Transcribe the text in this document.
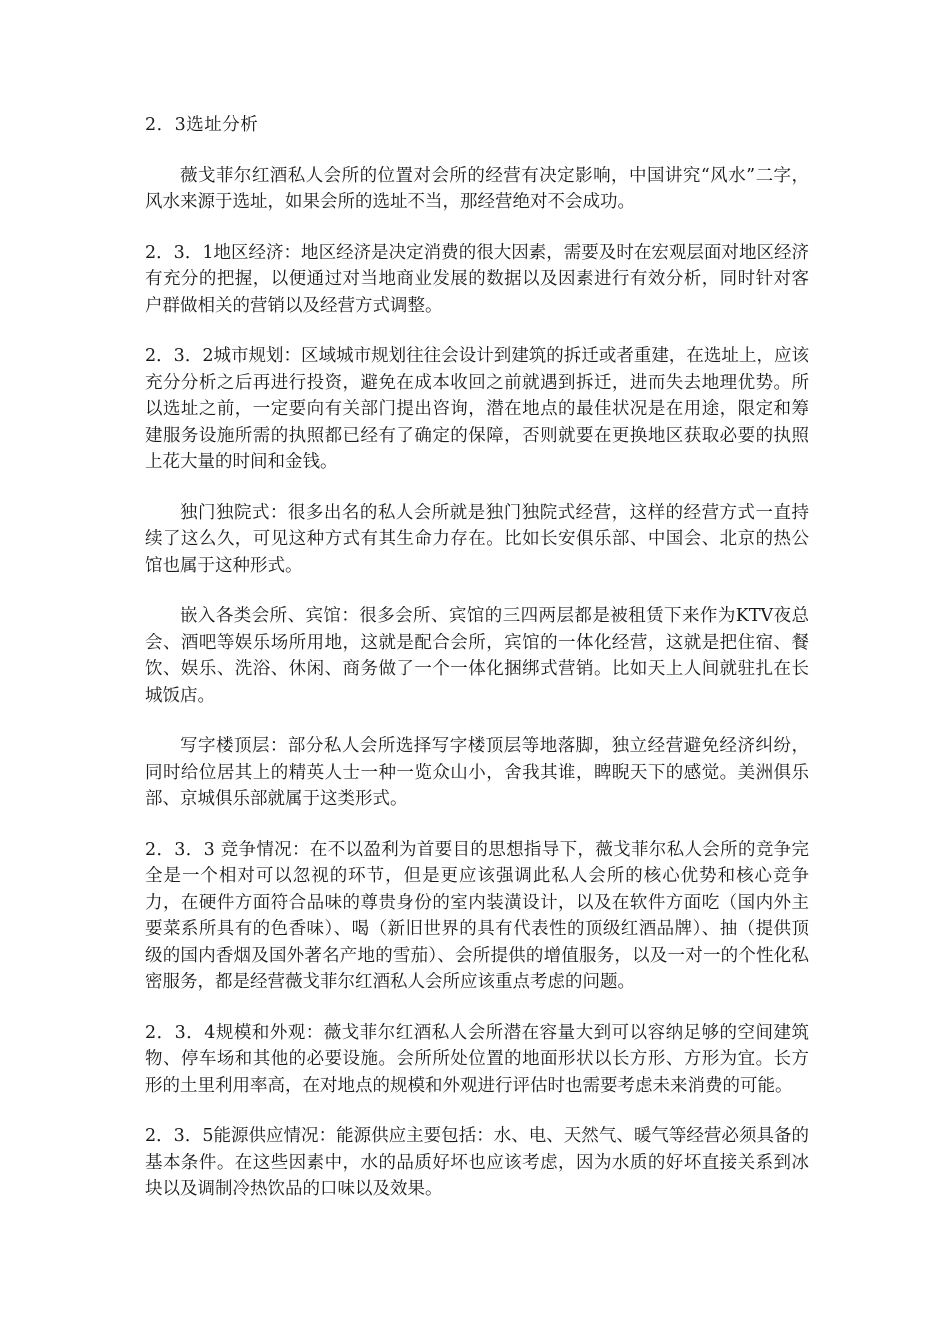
2．3选址分析

薇戈菲尔红酒私人会所的位置对会所的经营有决定影响，中国讲究“风水”二字，风水来源于选址，如果会所的选址不当，那经营绝对不会成功。

2．3．1地区经济：地区经济是决定消费的很大因素，需要及时在宏观层面对地区经济有充分的把握，以便通过对当地商业发展的数据以及因素进行有效分析，同时针对客户群做相关的营销以及经营方式调整。

2．3．2城市规划：区域城市规划往往会设计到建筑的拆迁或者重建，在选址上，应该充分分析之后再进行投资，避免在成本收回之前就遇到拆迁，进而失去地理优势。所以选址之前，一定要向有关部门提出咨询，潜在地点的最佳状况是在用途，限定和筹建服务设施所需的执照都已经有了确定的保障，否则就要在更换地区获取必要的执照上花大量的时间和金钱。

独门独院式：很多出名的私人会所就是独门独院式经营，这样的经营方式一直持续了这么久，可见这种方式有其生命力存在。比如长安俱乐部、中国会、北京的热公馆也属于这种形式。

嵌入各类会所、宾馆：很多会所、宾馆的三四两层都是被租赁下来作为KTV夜总会、酒吧等娱乐场所用地，这就是配合会所，宾馆的一体化经营，这就是把住宿、餐饮、娱乐、洗浴、休闲、商务做了一个一体化捆绑式营销。比如天上人间就驻扎在长城饭店。

写字楼顶层：部分私人会所选择写字楼顶层等地落脚，独立经营避免经济纠纷，同时给位居其上的精英人士一种一览众山小，舍我其谁，睥睨天下的感觉。美洲俱乐部、京城俱乐部就属于这类形式。

2．3．3 竞争情况：在不以盈利为首要目的思想指导下，薇戈菲尔私人会所的竞争完全是一个相对可以忽视的环节，但是更应该强调此私人会所的核心优势和核心竞争力，在硬件方面符合品味的尊贵身份的室内装潢设计，以及在软件方面吃（国内外主要菜系所具有的色香味）、喝（新旧世界的具有代表性的顶级红酒品牌）、抽（提供顶级的国内香烟及国外著名产地的雪茄）、会所提供的增值服务，以及一对一的个性化私密服务，都是经营薇戈菲尔红酒私人会所应该重点考虑的问题。

2．3．4规模和外观：薇戈菲尔红酒私人会所潜在容量大到可以容纳足够的空间建筑物、停车场和其他的必要设施。会所所处位置的地面形状以长方形、方形为宜。长方形的土里利用率高，在对地点的规模和外观进行评估时也需要考虑未来消费的可能。

2．3．5能源供应情况：能源供应主要包括：水、电、天然气、暖气等经营必须具备的基本条件。在这些因素中，水的品质好坏也应该考虑，因为水质的好坏直接关系到冰块以及调制冷热饮品的口味以及效果。
